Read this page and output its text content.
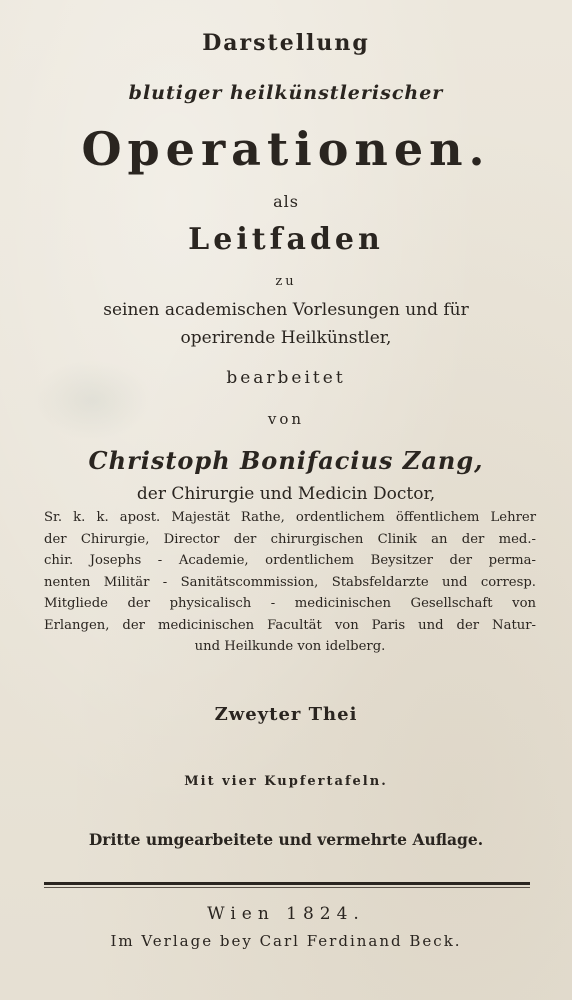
Darstellung
blutiger heilkünstlerischer
Operationen.
als
Leitfaden
zu
seinen academischen Vorlesungen und für
operirende Heilkünstler,
bearbeitet
von
Christoph Bonifacius Zang,
der Chirurgie und Medicin Doctor,
Sr. k. k. apost. Majestät Rathe, ordentlichem öffentlichem Lehrer
der Chirurgie, Director der chirurgischen Clinik an der med.-
chir. Josephs - Academie, ordentlichem Beysitzer der perma-
nenten Militär - Sanitätscommission, Stabsfeldarzte und corresp.
Mitgliede der physicalisch - medicinischen Gesellschaft von
Erlangen, der medicinischen Facultät von Paris und der Natur-
und Heilkunde von idelberg.
Zweyter Thei
Mit vier Kupfertafeln.
Dritte umgearbeitete und vermehrte Auflage.
Wien 1824.
Im Verlage bey Carl Ferdinand Beck.
